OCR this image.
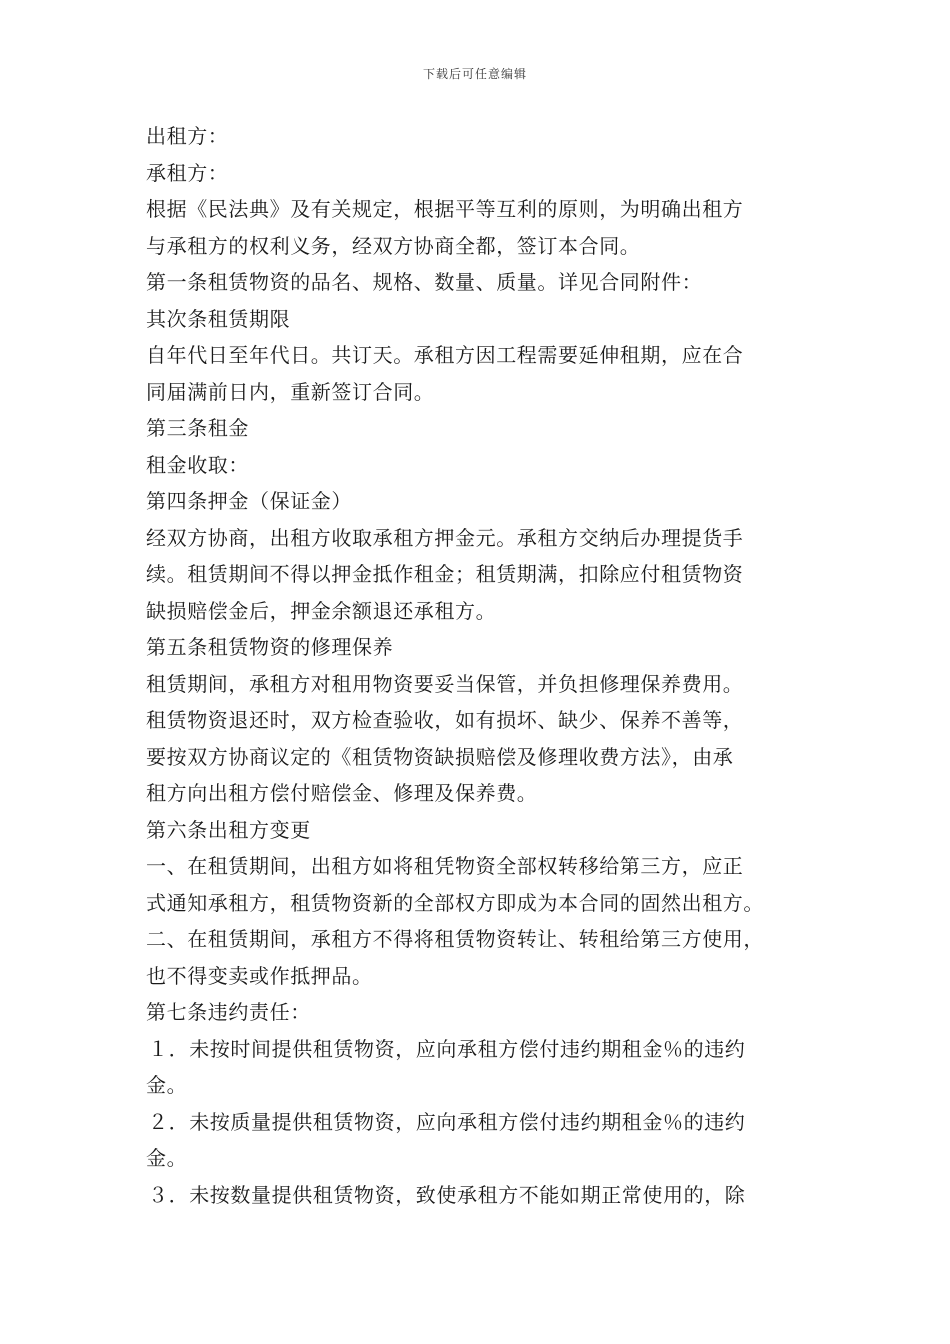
下载后可任意编辑
出租方：
承租方：
根据《民法典》及有关规定，根据平等互利的原则，为明确出租方
与承租方的权利义务，经双方协商全都，签订本合同。
第一条租赁物资的品名、规格、数量、质量。详见合同附件：
其次条租赁期限
自年代日至年代日。共订天。承租方因工程需要延伸租期，应在合
同届满前日内，重新签订合同。
第三条租金
租金收取：
第四条押金（保证金）
经双方协商，出租方收取承租方押金元。承租方交纳后办理提货手
续。租赁期间不得以押金抵作租金；租赁期满，扣除应付租赁物资
缺损赔偿金后，押金余额退还承租方。
第五条租赁物资的修理保养
租赁期间，承租方对租用物资要妥当保管，并负担修理保养费用。
租赁物资退还时，双方检查验收，如有损坏、缺少、保养不善等，
要按双方协商议定的《租赁物资缺损赔偿及修理收费方法》，由承
租方向出租方偿付赔偿金、修理及保养费。
第六条出租方变更
一、在租赁期间，出租方如将租凭物资全部权转移给第三方，应正
式通知承租方，租赁物资新的全部权方即成为本合同的固然出租方。
二、在租赁期间，承租方不得将租赁物资转让、转租给第三方使用，
也不得变卖或作抵押品。
第七条违约责任：
１．未按时间提供租赁物资，应向承租方偿付违约期租金％的违约
金。
２．未按质量提供租赁物资，应向承租方偿付违约期租金％的违约
金。
３．未按数量提供租赁物资，致使承租方不能如期正常使用的，除
